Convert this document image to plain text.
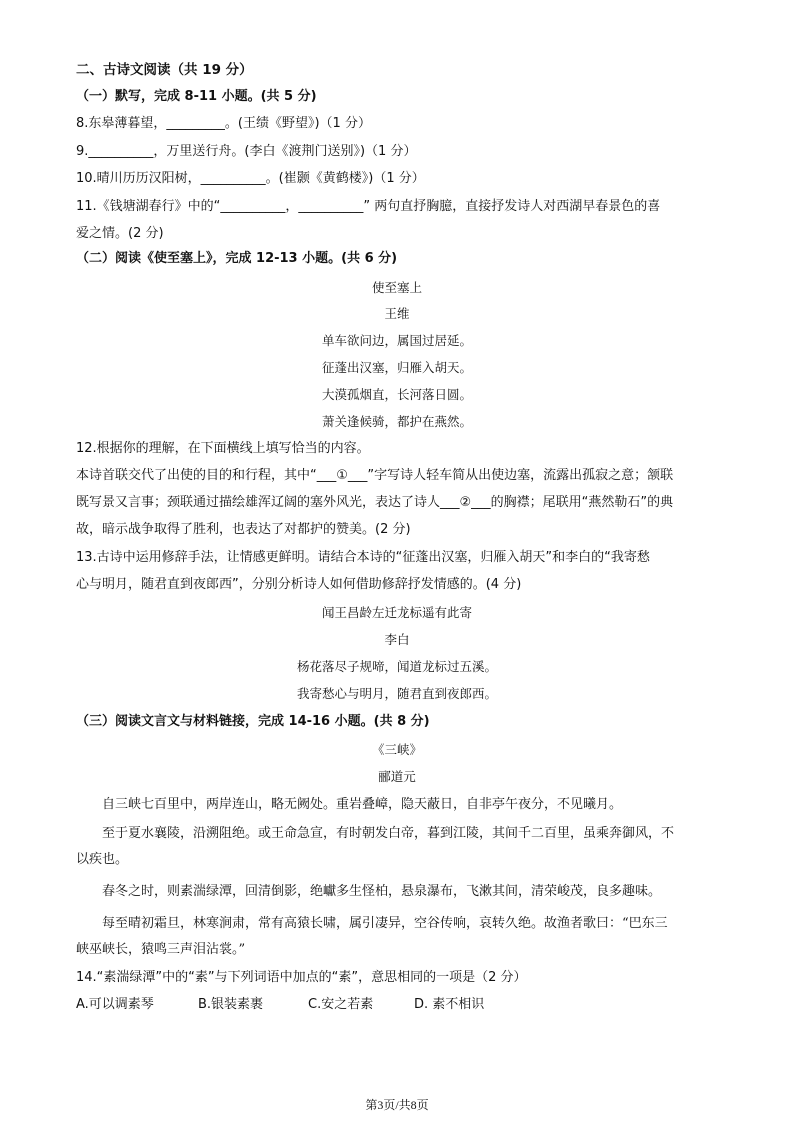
二、古诗文阅读（共 19 分）
（一）默写，完成 8-11 小题。(共 5 分)
8.东皋薄暮望，_________。(王绩《野望》)（1 分）
9.__________，万里送行舟。(李白《渡荆门送别》)（1 分）
10.晴川历历汉阳树，__________。(崔颢《黄鹤楼》)（1 分）
11.《钱塘湖春行》中的“__________，__________” 两句直抒胸臆，直接抒发诗人对西湖早春景色的喜
爱之情。(2 分)
（二）阅读《使至塞上》，完成 12-13 小题。(共 6 分)
使至塞上
王维
单车欲问边，属国过居延。
征蓬出汉塞，归雁入胡天。
大漠孤烟直，长河落日圆。
萧关逢候骑，都护在燕然。
12.根据你的理解，在下面横线上填写恰当的内容。
本诗首联交代了出使的目的和行程，其中“___①___”字写诗人轻车简从出使边塞，流露出孤寂之意；颔联
既写景又言事；颈联通过描绘雄浑辽阔的塞外风光，表达了诗人___②___的胸襟；尾联用“燕然勒石”的典
故，暗示战争取得了胜利，也表达了对都护的赞美。(2 分)
13.古诗中运用修辞手法，让情感更鲜明。请结合本诗的“征蓬出汉塞，归雁入胡天”和李白的“我寄愁
心与明月，随君直到夜郎西”，分别分析诗人如何借助修辞抒发情感的。(4 分)
闻王昌龄左迁龙标遥有此寄
李白
杨花落尽子规啼，闻道龙标过五溪。
我寄愁心与明月，随君直到夜郎西。
（三）阅读文言文与材料链接，完成 14-16 小题。(共 8 分)
《三峡》
郦道元
自三峡七百里中，两岸连山，略无阙处。重岩叠嶂，隐天蔽日，自非亭午夜分，不见曦月。
至于夏水襄陵，沿溯阻绝。或王命急宣，有时朝发白帝，暮到江陵，其间千二百里，虽乘奔御风，不
以疾也。
春冬之时，则素湍绿潭，回清倒影，绝巘多生怪柏，悬泉瀑布，飞漱其间，清荣峻茂，良多趣味。
每至晴初霜旦，林寒涧肃，常有高猿长啸，属引凄异，空谷传响，哀转久绝。故渔者歌曰：“巴东三
峡巫峡长，猿鸣三声泪沾裳。”
14.“素湍绿潭”中的“素”与下列词语中加点的“素”，意思相同的一项是（2 分）
A.可以调素琴	B.银装素裹	C.安之若素	D. 素不相识
第3页/共8页
